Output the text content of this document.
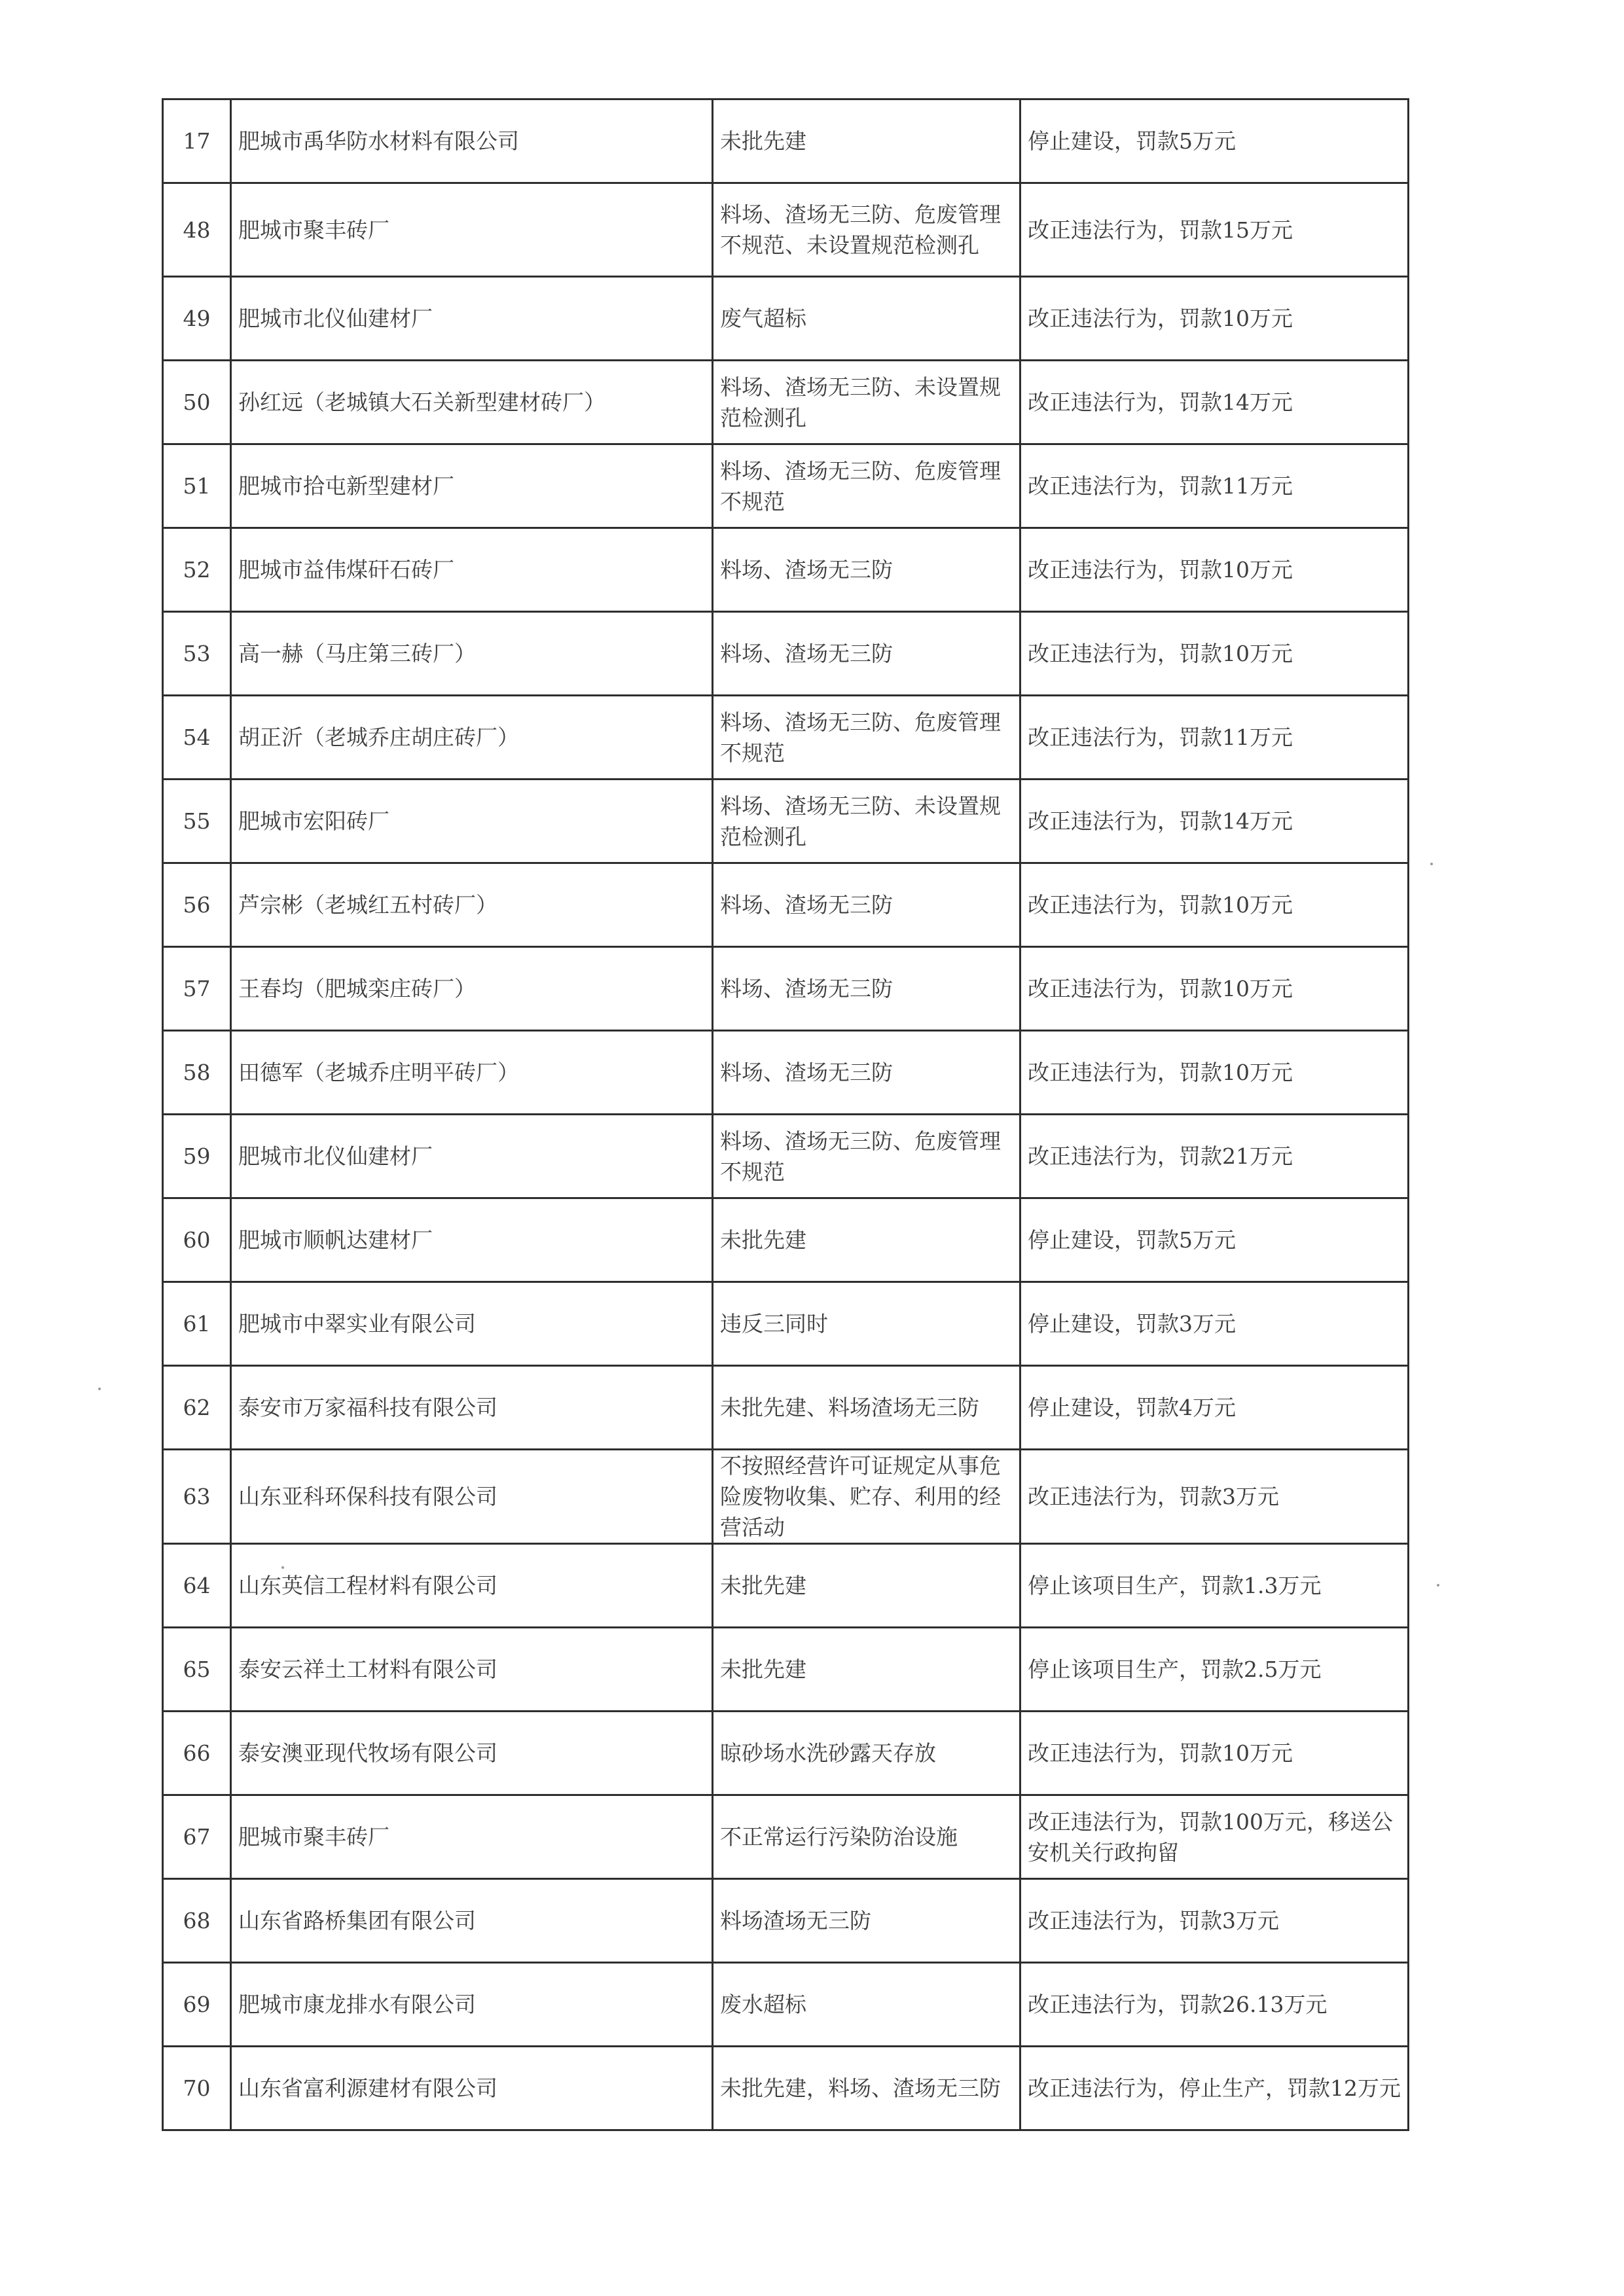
17	肥城市禹华防水材料有限公司	未批先建	停止建设，罚款5万元
48	肥城市聚丰砖厂	料场、渣场无三防、危废管理不规范、未设置规范检测孔	改正违法行为，罚款15万元
49	肥城市北仪仙建材厂	废气超标	改正违法行为，罚款10万元
50	孙红远（老城镇大石关新型建材砖厂）	料场、渣场无三防、未设置规范检测孔	改正违法行为，罚款14万元
51	肥城市拾屯新型建材厂	料场、渣场无三防、危废管理不规范	改正违法行为，罚款11万元
52	肥城市益伟煤矸石砖厂	料场、渣场无三防	改正违法行为，罚款10万元
53	高一赫（马庄第三砖厂）	料场、渣场无三防	改正违法行为，罚款10万元
54	胡正沂（老城乔庄胡庄砖厂）	料场、渣场无三防、危废管理不规范	改正违法行为，罚款11万元
55	肥城市宏阳砖厂	料场、渣场无三防、未设置规范检测孔	改正违法行为，罚款14万元
56	芦宗彬（老城红五村砖厂）	料场、渣场无三防	改正违法行为，罚款10万元
57	王春均（肥城栾庄砖厂）	料场、渣场无三防	改正违法行为，罚款10万元
58	田德军（老城乔庄明平砖厂）	料场、渣场无三防	改正违法行为，罚款10万元
59	肥城市北仪仙建材厂	料场、渣场无三防、危废管理不规范	改正违法行为，罚款21万元
60	肥城市顺帆达建材厂	未批先建	停止建设，罚款5万元
61	肥城市中翠实业有限公司	违反三同时	停止建设，罚款3万元
62	泰安市万家福科技有限公司	未批先建、料场渣场无三防	停止建设，罚款4万元
63	山东亚科环保科技有限公司	不按照经营许可证规定从事危险废物收集、贮存、利用的经营活动	改正违法行为，罚款3万元
64	山东英信工程材料有限公司	未批先建	停止该项目生产，罚款1.3万元
65	泰安云祥土工材料有限公司	未批先建	停止该项目生产，罚款2.5万元
66	泰安澳亚现代牧场有限公司	晾砂场水洗砂露天存放	改正违法行为，罚款10万元
67	肥城市聚丰砖厂	不正常运行污染防治设施	改正违法行为，罚款100万元，移送公安机关行政拘留
68	山东省路桥集团有限公司	料场渣场无三防	改正违法行为，罚款3万元
69	肥城市康龙排水有限公司	废水超标	改正违法行为，罚款26.13万元
70	山东省富利源建材有限公司	未批先建，料场、渣场无三防	改正违法行为，停止生产，罚款12万元
